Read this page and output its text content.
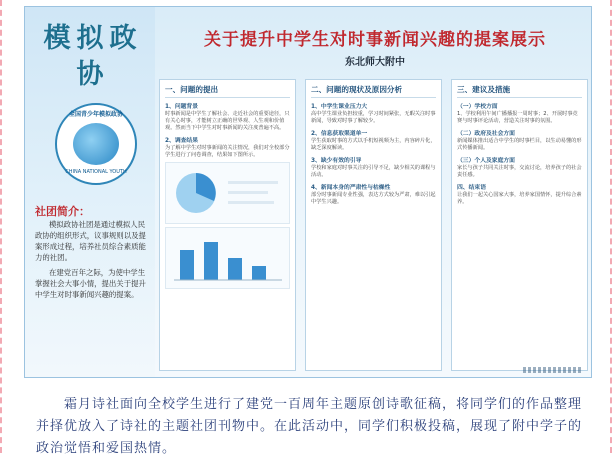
模拟政协
全国青少年模拟政协
CHINA NATIONAL YOUTH
社团简介：

模拟政协社团是通过模拟人民政协的组织形式，议事规则以及提案形成过程，培养社员综合素质能力的社团。

在建党百年之际，为使中学生掌握社会大事小情，提出关于提升中学生对时事新闻兴趣的提案。

关于提升中学生对时事新闻兴趣的提案展示
东北师大附中
一、问题的提出
1、问题背景

时事新闻是中学生了解社会、走近社会的重要途径，只有关心时事，才能树立正确的世界观、人生观和价值观。然而当下中学生对时事新闻的关注度普遍不高。

2、调查结果

为了解中学生对时事新闻的关注情况，我们对全校部分学生进行了问卷调查，结果如下图所示。

二、问题的现状及原因分析
1、中学生课业压力大

高中学生课业负担较重，学习时间紧张，无暇关注时事新闻，导致对时事了解较少。

2、信息获取渠道单一

学生获取时事的方式以手机短视频为主，内容碎片化，缺乏深度解读。

3、缺少有效的引导

学校和家庭对时事关注的引导不足，缺少相关的课程与活动。

4、新闻本身的严肃性与枯燥性

部分时事新闻专业性强，表达方式较为严肃，难以引起中学生兴趣。

三、建议及措施
（一）学校方面

1、学校利用午间广播播报一周时事；2、开展时事竞赛与时事评论活动，营造关注时事的氛围。

（二）政府及社会方面

新闻媒体推出适合中学生的时事栏目，以生动易懂的形式传播新闻。

（三）个人及家庭方面

家长与孩子共同关注时事，交流讨论，培养孩子的社会责任感。

四、结束语

让我们一起关心国家大事，培养家国情怀，提升综合素养。

霜月诗社面向全校学生进行了建党一百周年主题原创诗歌征稿，将同学们的作品整理并择优放入了诗社的主题社团刊物中。在此活动中，同学们积极投稿，展现了附中学子的政治觉悟和爱国热情。
